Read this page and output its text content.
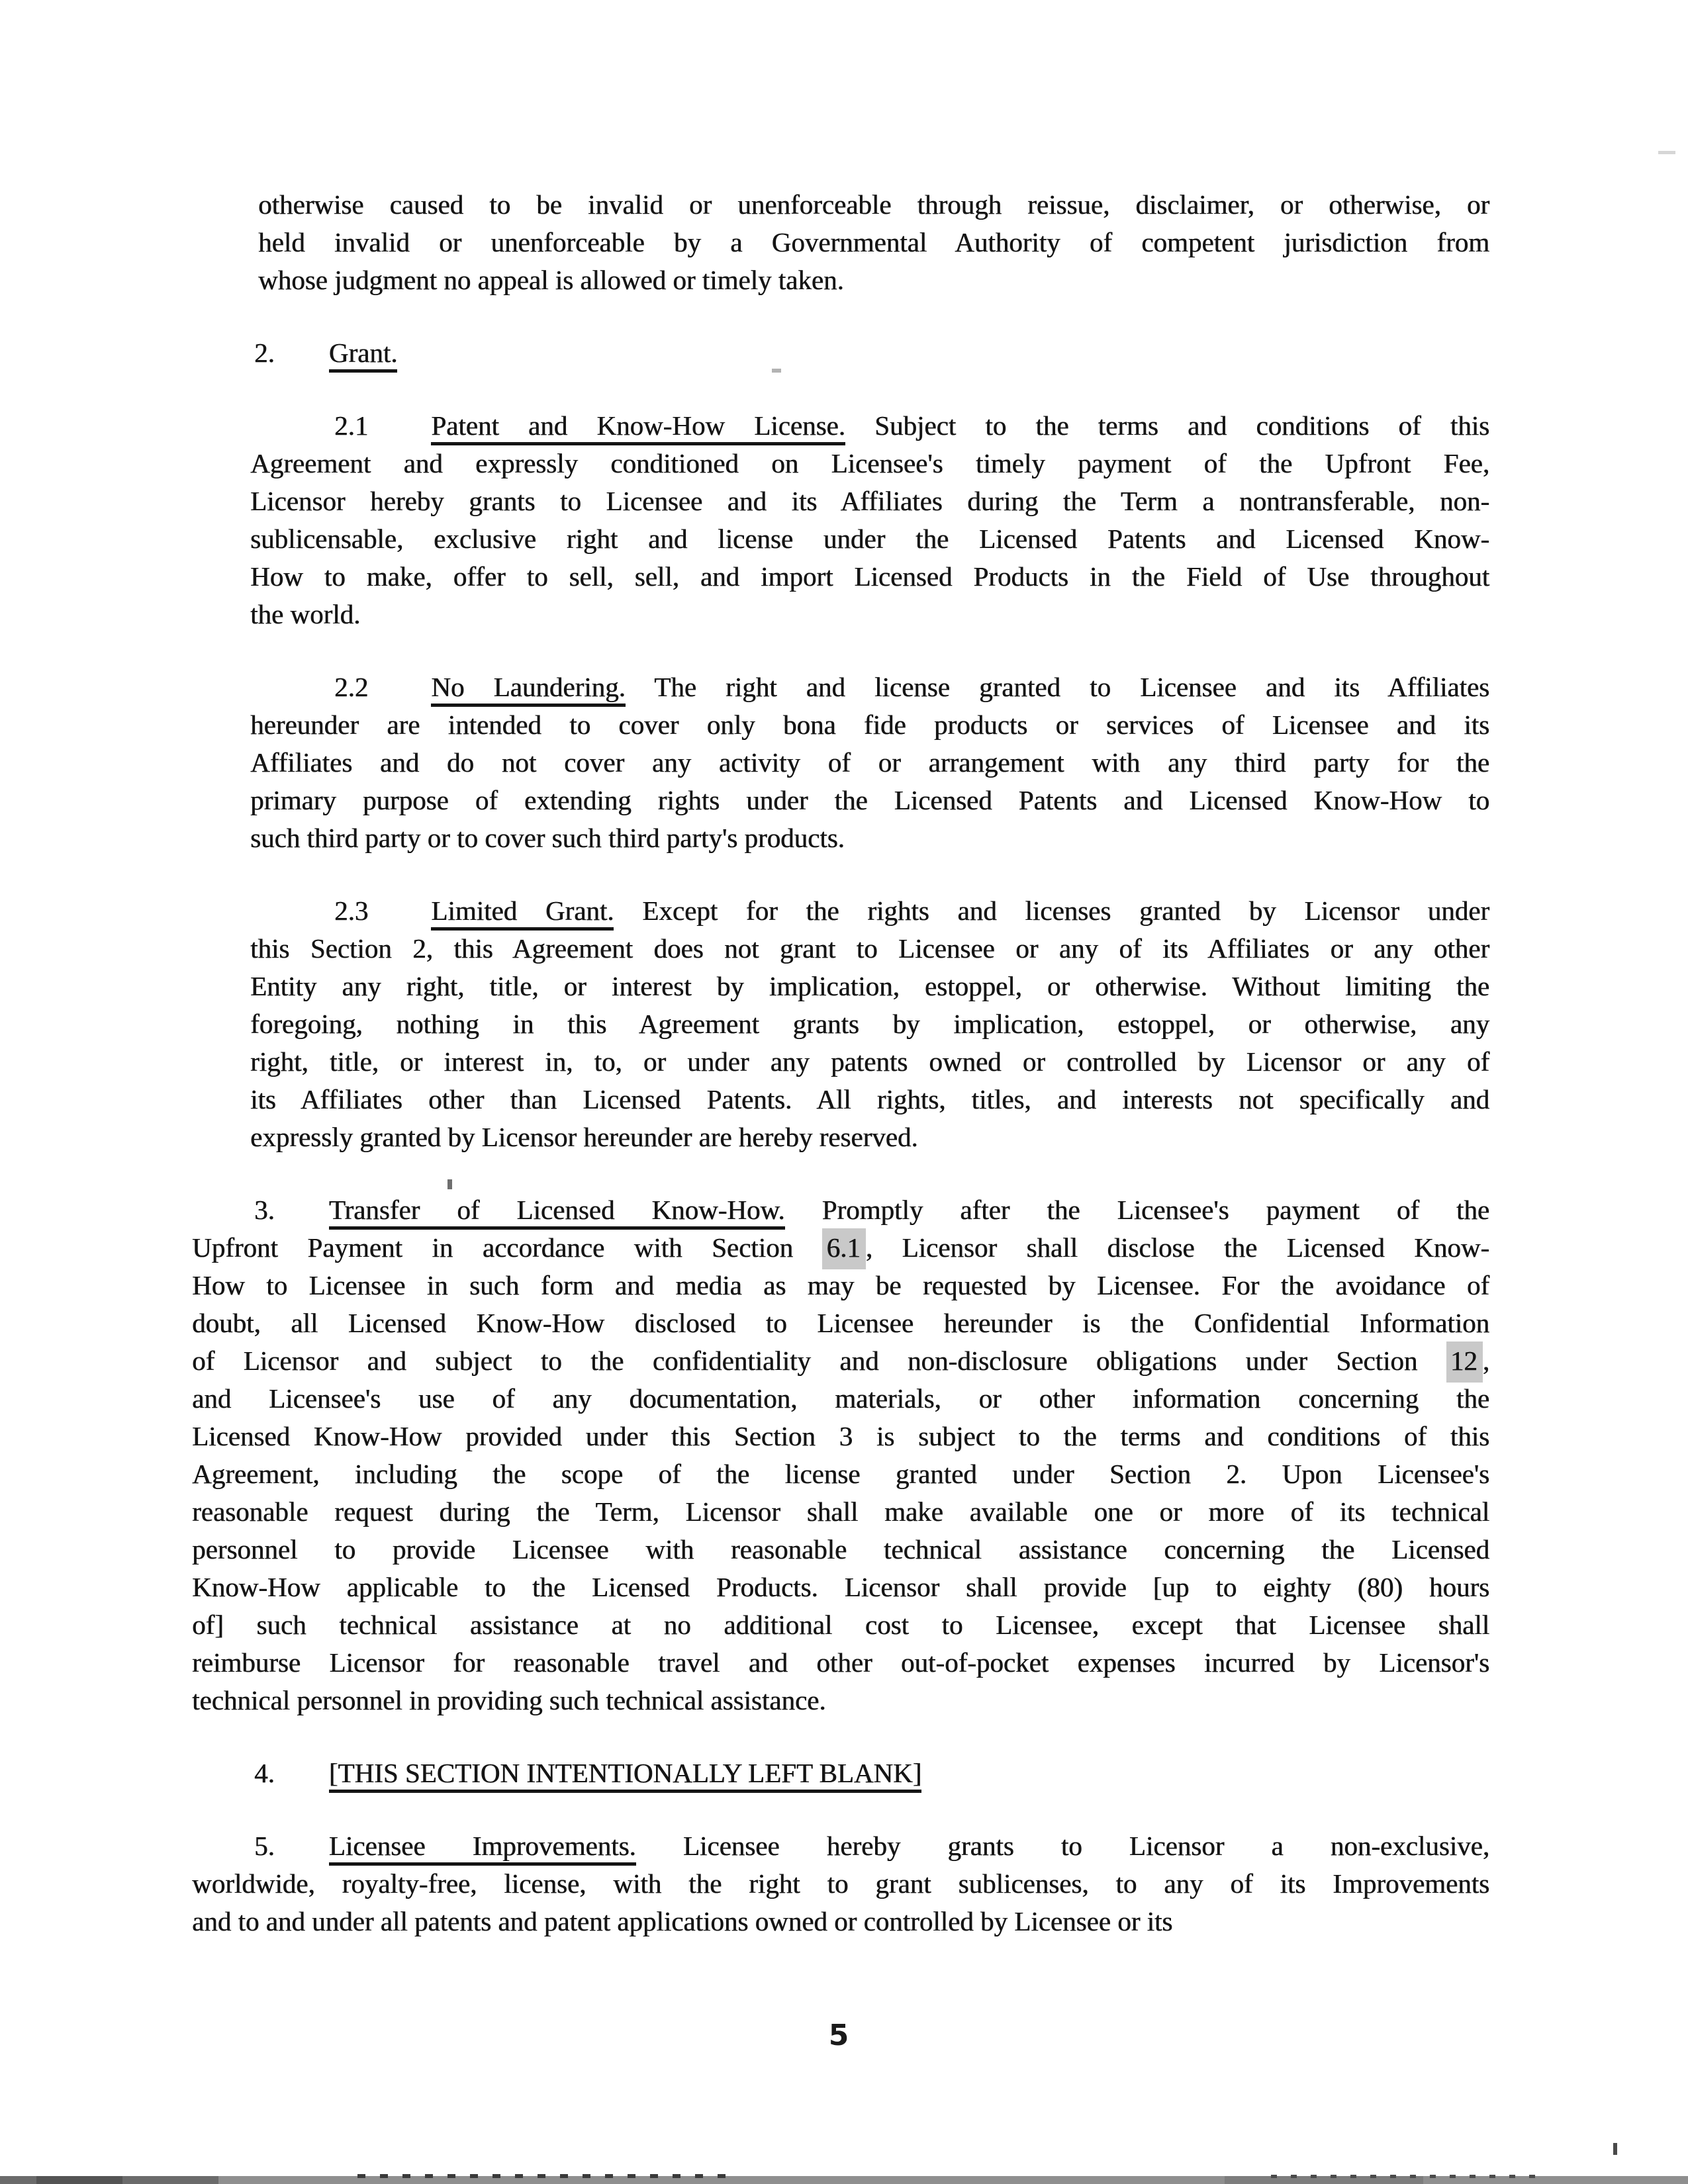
otherwise caused to be invalid or unenforceable through reissue, disclaimer, or otherwise, or
held invalid or unenforceable by a Governmental Authority of competent jurisdiction from
whose judgment no appeal is allowed or timely taken.
2. Grant.
2.1 Patent and Know-How License. Subject to the terms and conditions of this
Agreement and expressly conditioned on Licensee's timely payment of the Upfront Fee,
Licensor hereby grants to Licensee and its Affiliates during the Term a nontransferable, non-
sublicensable, exclusive right and license under the Licensed Patents and Licensed Know-
How to make, offer to sell, sell, and import Licensed Products in the Field of Use throughout
the world.
2.2 No Laundering. The right and license granted to Licensee and its Affiliates
hereunder are intended to cover only bona fide products or services of Licensee and its
Affiliates and do not cover any activity of or arrangement with any third party for the
primary purpose of extending rights under the Licensed Patents and Licensed Know-How to
such third party or to cover such third party's products.
2.3 Limited Grant. Except for the rights and licenses granted by Licensor under
this Section 2, this Agreement does not grant to Licensee or any of its Affiliates or any other
Entity any right, title, or interest by implication, estoppel, or otherwise. Without limiting the
foregoing, nothing in this Agreement grants by implication, estoppel, or otherwise, any
right, title, or interest in, to, or under any patents owned or controlled by Licensor or any of
its Affiliates other than Licensed Patents. All rights, titles, and interests not specifically and
expressly granted by Licensor hereunder are hereby reserved.
3. Transfer of Licensed Know-How. Promptly after the Licensee's payment of the
Upfront Payment in accordance with Section 6.1 , Licensor shall disclose the Licensed Know-
How to Licensee in such form and media as may be requested by Licensee. For the avoidance of
doubt, all Licensed Know-How disclosed to Licensee hereunder is the Confidential Information
of Licensor and subject to the confidentiality and non-disclosure obligations under Section 12 ,
and Licensee's use of any documentation, materials, or other information concerning the
Licensed Know-How provided under this Section 3 is subject to the terms and conditions of this
Agreement, including the scope of the license granted under Section 2. Upon Licensee's
reasonable request during the Term, Licensor shall make available one or more of its technical
personnel to provide Licensee with reasonable technical assistance concerning the Licensed
Know-How applicable to the Licensed Products. Licensor shall provide [up to eighty (80) hours
of] such technical assistance at no additional cost to Licensee, except that Licensee shall
reimburse Licensor for reasonable travel and other out-of-pocket expenses incurred by Licensor's
technical personnel in providing such technical assistance.
4. [THIS SECTION INTENTIONALLY LEFT BLANK]
5. Licensee Improvements. Licensee hereby grants to Licensor a non-exclusive,
worldwide, royalty-free, license, with the right to grant sublicenses, to any of its Improvements
and to and under all patents and patent applications owned or controlled by Licensee or its
5
